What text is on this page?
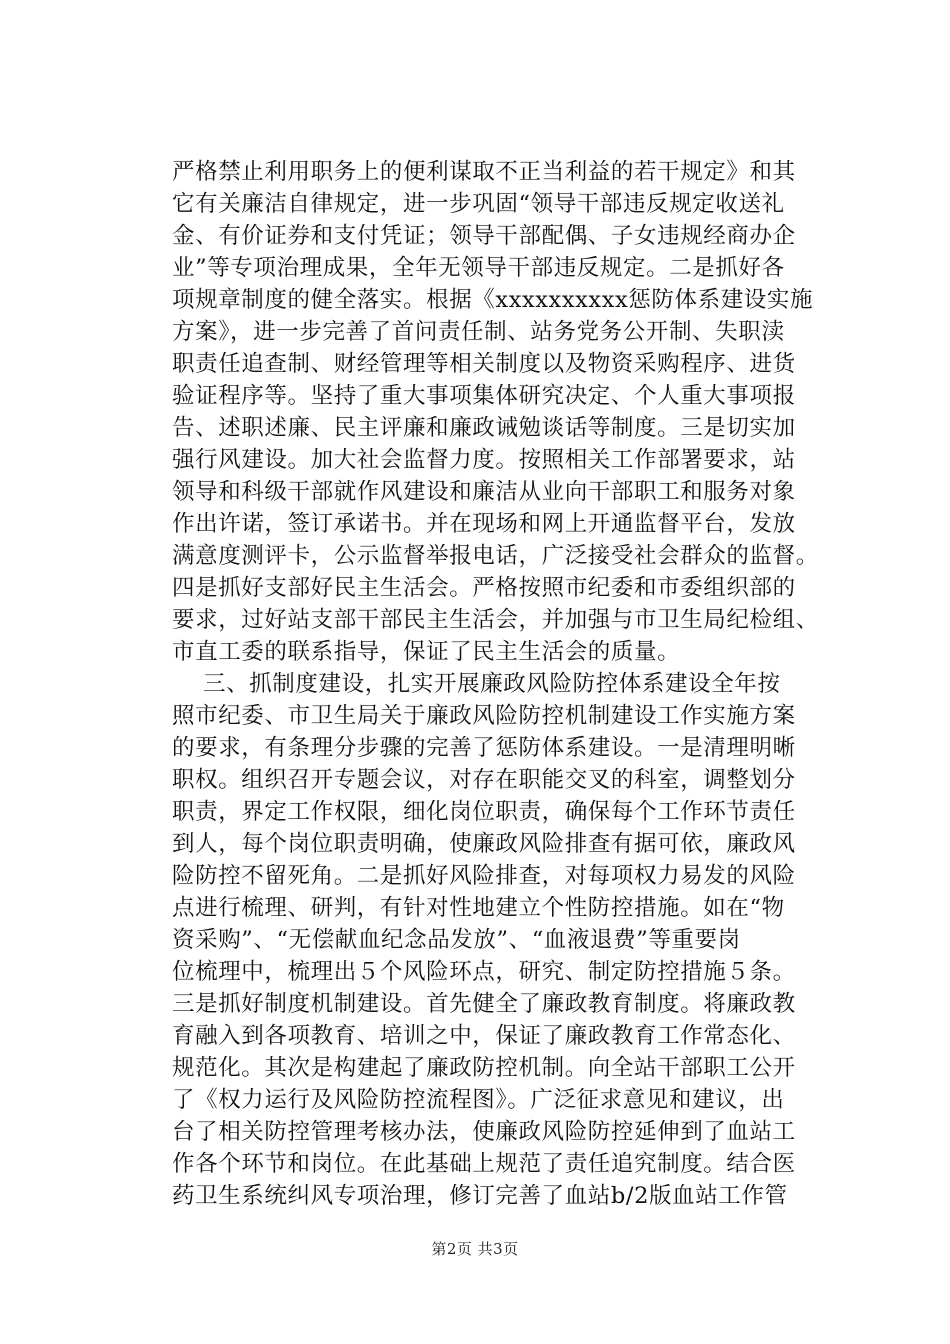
严格禁止利用职务上的便利谋取不正当利益的若干规定》和其
它有关廉洁自律规定，进一步巩固“领导干部违反规定收送礼
金、有价证券和支付凭证；领导干部配偶、子女违规经商办企
业”等专项治理成果，全年无领导干部违反规定。二是抓好各
项规章制度的健全落实。根据《xxxxxxxxxx惩防体系建设实施
方案》，进一步完善了首问责任制、站务党务公开制、失职渎
职责任追查制、财经管理等相关制度以及物资采购程序、进货
验证程序等。坚持了重大事项集体研究决定、个人重大事项报
告、述职述廉、民主评廉和廉政诫勉谈话等制度。三是切实加
强行风建设。加大社会监督力度。按照相关工作部署要求，站
领导和科级干部就作风建设和廉洁从业向干部职工和服务对象
作出许诺，签订承诺书。并在现场和网上开通监督平台，发放
满意度测评卡，公示监督举报电话，广泛接受社会群众的监督。
四是抓好支部好民主生活会。严格按照市纪委和市委组织部的
要求，过好站支部干部民主生活会，并加强与市卫生局纪检组、
市直工委的联系指导，保证了民主生活会的质量。
三、抓制度建设，扎实开展廉政风险防控体系建设全年按
照市纪委、市卫生局关于廉政风险防控机制建设工作实施方案
的要求，有条理分步骤的完善了惩防体系建设。一是清理明晰
职权。组织召开专题会议，对存在职能交叉的科室，调整划分
职责，界定工作权限，细化岗位职责，确保每个工作环节责任
到人，每个岗位职责明确，使廉政风险排查有据可依，廉政风
险防控不留死角。二是抓好风险排查，对每项权力易发的风险
点进行梳理、研判，有针对性地建立个性防控措施。如在“物
资采购”、“无偿献血纪念品发放”、“血液退费”等重要岗
位梳理中，梳理出５个风险环点，研究、制定防控措施５条。
三是抓好制度机制建设。首先健全了廉政教育制度。将廉政教
育融入到各项教育、培训之中，保证了廉政教育工作常态化、
规范化。其次是构建起了廉政防控机制。向全站干部职工公开
了《权力运行及风险防控流程图》。广泛征求意见和建议，出
台了相关防控管理考核办法，使廉政风险防控延伸到了血站工
作各个环节和岗位。在此基础上规范了责任追究制度。结合医
药卫生系统纠风专项治理，修订完善了血站b/2版血站工作管
第2页 共3页
